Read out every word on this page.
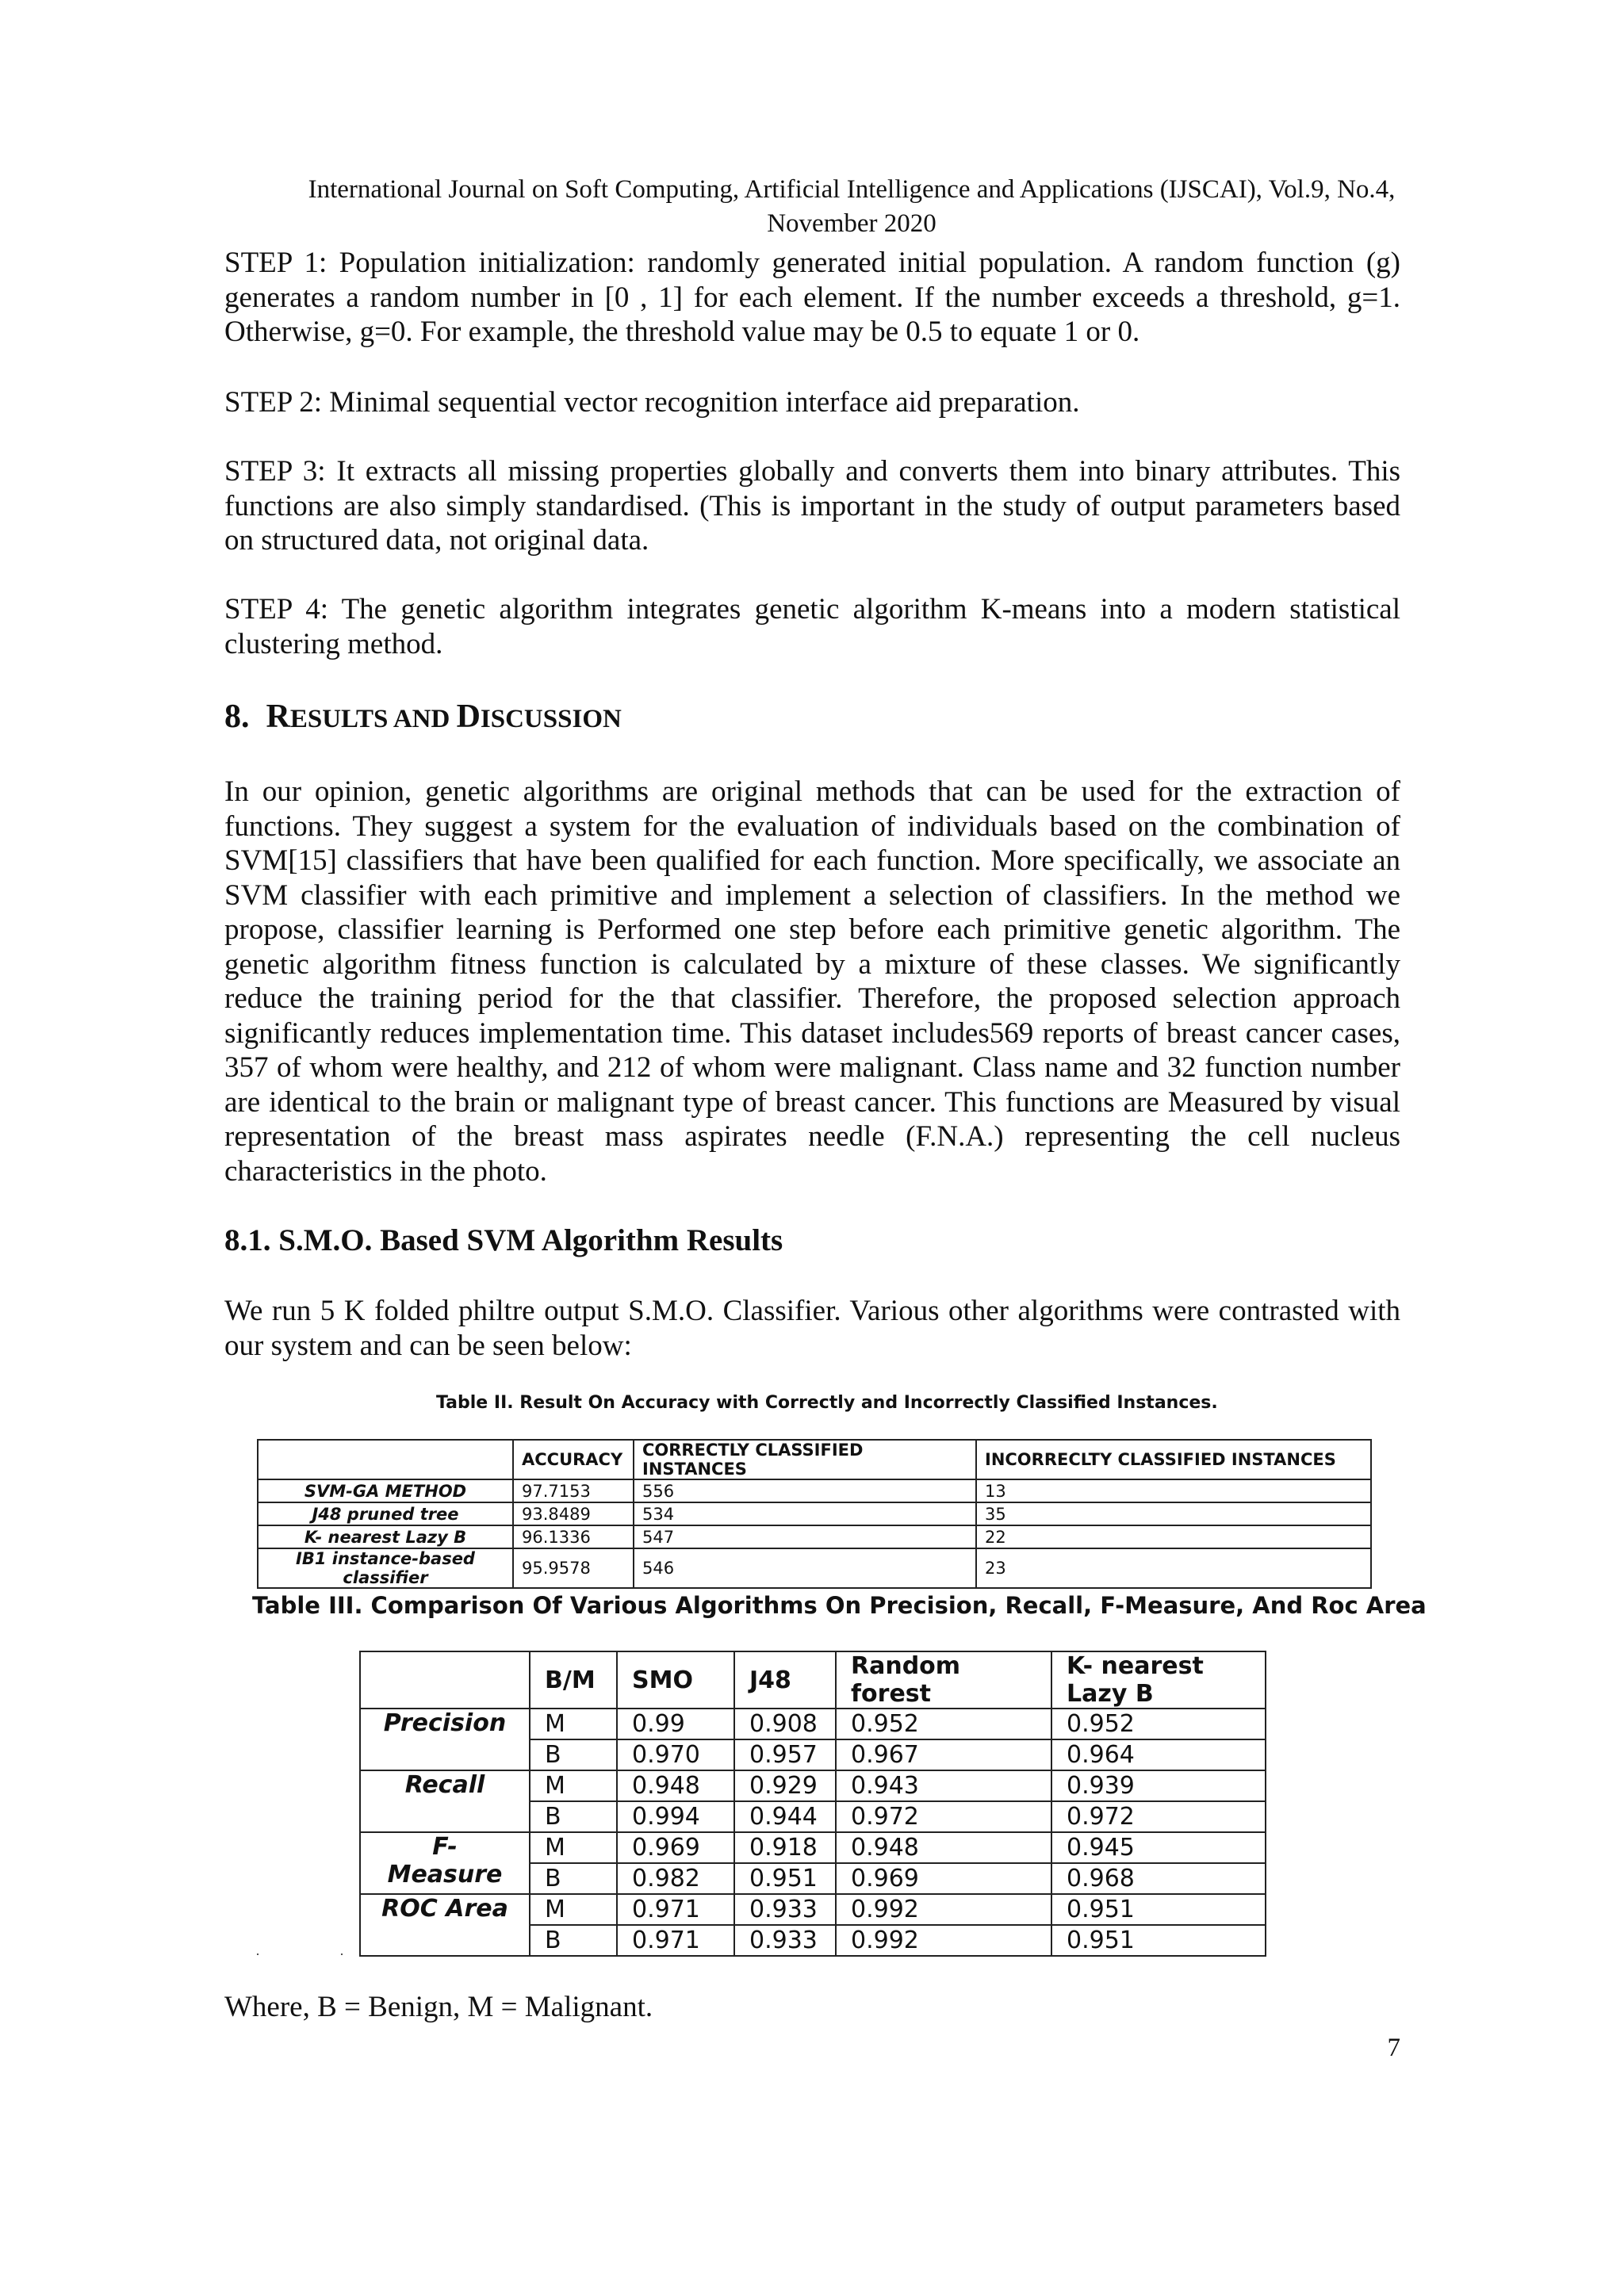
International Journal on Soft Computing, Artificial Intelligence and Applications (IJSCAI), Vol.9, No.4,
November 2020

STEP 1: Population initialization: randomly generated initial population. A random function (g) generates a random number in [0 , 1] for each element. If the number exceeds a threshold, g=1. Otherwise, g=0. For example, the threshold value may be 0.5 to equate 1 or 0.

STEP 2: Minimal sequential vector recognition interface aid preparation.

STEP 3: It extracts all missing properties globally and converts them into binary attributes. This functions are also simply standardised. (This is important in the study of output parameters based on structured data, not original data.

STEP 4: The genetic algorithm integrates genetic algorithm K-means into a modern statistical clustering method.

8. RESULTS AND DISCUSSION

In our opinion, genetic algorithms are original methods that can be used for the extraction of functions. They suggest a system for the evaluation of individuals based on the combination of SVM[15] classifiers that have been qualified for each function. More specifically, we associate an SVM classifier with each primitive and implement a selection of classifiers. In the method we propose, classifier learning is Performed one step before each primitive genetic algorithm. The genetic algorithm fitness function is calculated by a mixture of these classes. We significantly reduce the training period for the that classifier. Therefore, the proposed selection approach significantly reduces implementation time. This dataset includes569 reports of breast cancer cases, 357 of whom were healthy, and 212 of whom were malignant. Class name and 32 function number are identical to the brain or malignant type of breast cancer. This functions are Measured by visual representation of the breast mass aspirates needle (F.N.A.) representing the cell nucleus characteristics in the photo.

8.1. S.M.O. Based SVM Algorithm Results

We run 5 K folded philtre output S.M.O. Classifier. Various other algorithms were contrasted with our system and can be seen below:

Table II. Result On Accuracy with Correctly and Incorrectly Classified Instances.
	ACCURACY	CORRECTLY CLASSIFIED INSTANCES	INCORRECLTY CLASSIFIED INSTANCES
SVM-GA METHOD	97.7153	556	13
J48 pruned tree	93.8489	534	35
K- nearest Lazy B	96.1336	547	22
IB1 instance-based classifier	95.9578	546	23
Table III. Comparison Of Various Algorithms On Precision, Recall, F-Measure, And Roc Area
	B/M	SMO	J48	Random forest	K- nearest Lazy B
Precision	M	0.99	0.908	0.952	0.952
	B	0.970	0.957	0.967	0.964
Recall	M	0.948	0.929	0.943	0.939
	B	0.994	0.944	0.972	0.972
F-Measure	M	0.969	0.918	0.948	0.945
	B	0.982	0.951	0.969	0.968
ROC Area	M	0.971	0.933	0.992	0.951
	B	0.971	0.933	0.992	0.951
·	·
Where, B = Benign, M = Malignant.
7
